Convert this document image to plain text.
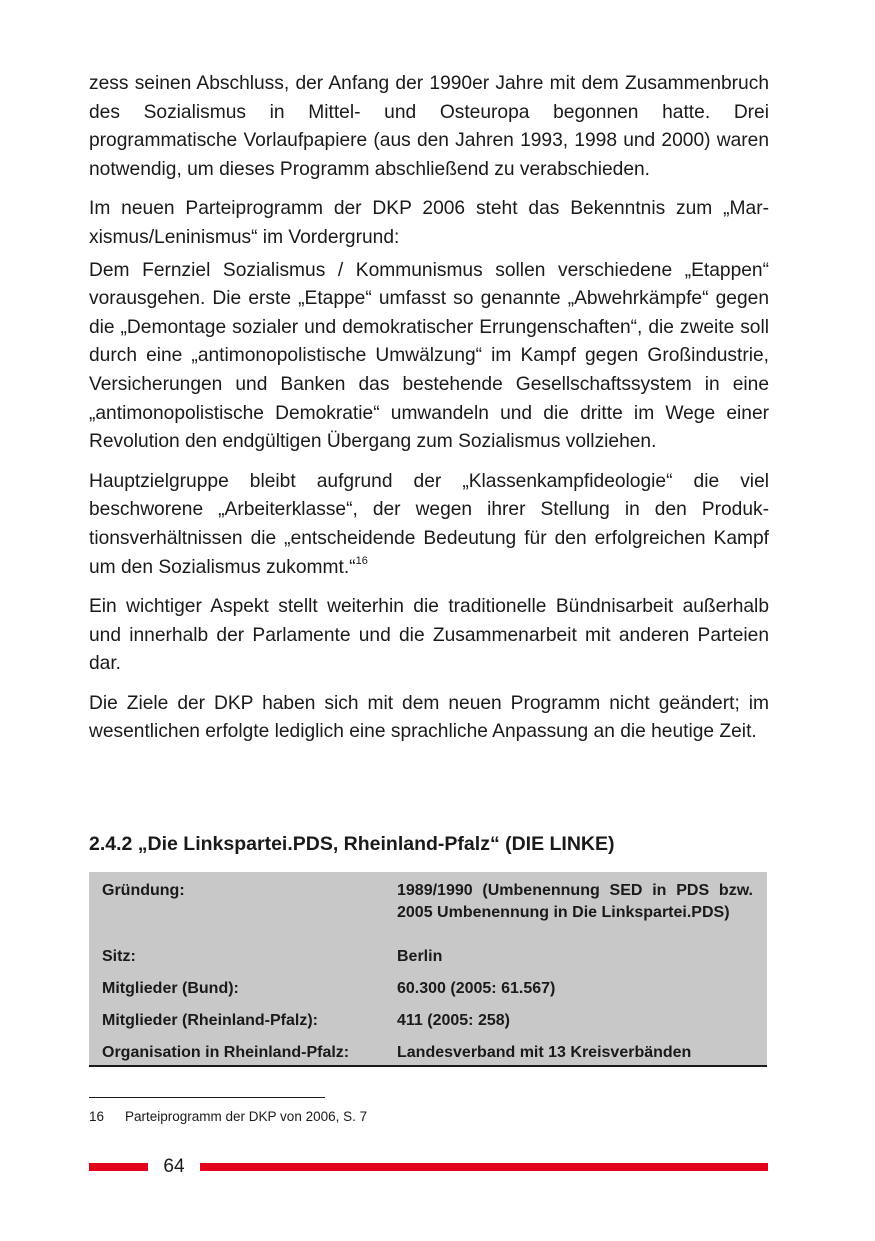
zess seinen Abschluss, der Anfang der 1990er Jahre mit dem Zusammenbruch des Sozialismus in Mittel- und Osteuropa begonnen hatte. Drei programmatische Vorlaufpapiere (aus den Jahren 1993, 1998 und 2000) waren notwendig, um dieses Programm abschließend zu verabschieden.

Im neuen Parteiprogramm der DKP 2006 steht das Bekenntnis zum „Marxismus/Leninismus“ im Vordergrund:

Dem Fernziel Sozialismus / Kommunismus sollen verschiedene „Etappen“ vorausgehen. Die erste „Etappe“ umfasst so genannte „Abwehrkämpfe“ gegen die „Demontage sozialer und demokratischer Errungenschaften“, die zweite soll durch eine „antimonopolistische Umwälzung“ im Kampf gegen Großindustrie, Versicherungen und Banken das bestehende Gesellschaftssystem in eine „antimonopolistische Demokratie“ umwandeln und die dritte im Wege einer Revolution den endgültigen Übergang zum Sozialismus vollziehen.

Hauptzielgruppe bleibt aufgrund der „Klassenkampfideologie“ die viel beschworene „Arbeiterklasse“, der wegen ihrer Stellung in den Produktionsverhältnissen die „entscheidende Bedeutung für den erfolgreichen Kampf um den Sozialismus zukommt.“$^{16}$

Ein wichtiger Aspekt stellt weiterhin die traditionelle Bündnisarbeit außerhalb und innerhalb der Parlamente und die Zusammenarbeit mit anderen Parteien dar.

Die Ziele der DKP haben sich mit dem neuen Programm nicht geändert; im wesentlichen erfolgte lediglich eine sprachliche Anpassung an die heutige Zeit.

2.4.2 „Die Linkspartei.PDS, Rheinland-Pfalz“ (DIE LINKE)
Gründung:	1989/1990 (Umbenennung SED in PDS bzw. 2005 Umbenennung in Die Linkspartei.PDS)
Sitz:	Berlin
Mitglieder (Bund):	60.300 (2005: 61.567)
Mitglieder (Rheinland-Pfalz):	411 (2005: 258)
Organisation in Rheinland-Pfalz:	Landesverband mit 13 Kreisverbänden
16	Parteiprogramm der DKP von 2006, S. 7
64
